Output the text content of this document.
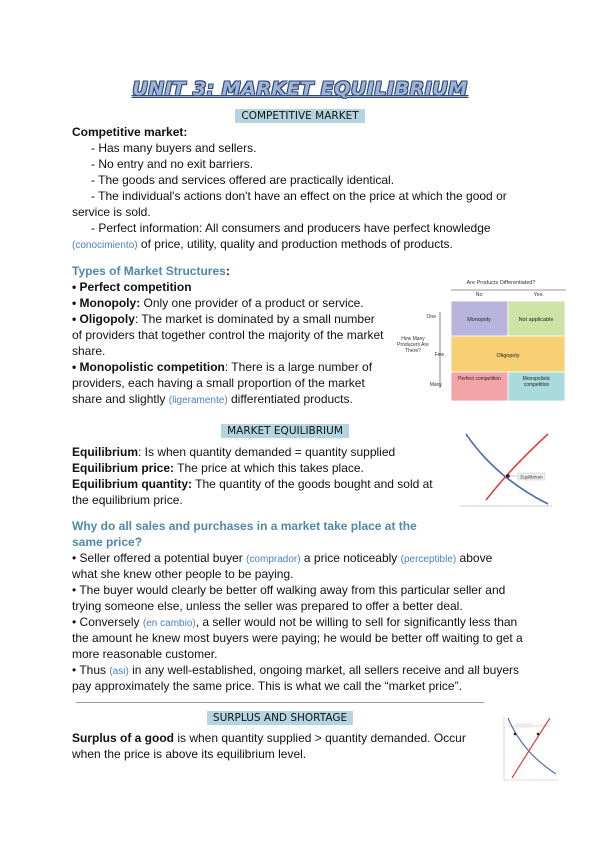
UNIT 3: MARKET EQUILIBRIUM
COMPETITIVE MARKET
Competitive market:
- Has many buyers and sellers.
- No entry and no exit barriers.
- The goods and services offered are practically identical.
- The individual's actions don't have an effect on the price at which the good or
service is sold.
- Perfect information: All consumers and producers have perfect knowledge
(conocimiento) of price, utility, quality and production methods of products.
Types of Market Structures:
• Perfect competition
• Monopoly: Only one provider of a product or service.
• Oligopoly: The market is dominated by a small number
of providers that together control the majority of the market
share.
• Monopolistic competition: There is a large number of
providers, each having a small proportion of the market
share and slightly (ligeramente) differentiated products.
Are Products Differentiated?
No	Yes
One
Few
Many
How Many Producers Are There?
Monopoly	Not applicable
Oligopoly
Perfect competition	Monopolistic competition
MARKET EQUILIBRIUM
Equilibrium: Is when quantity demanded = quantity supplied
Equilibrium price: The price at which this takes place.
Equilibrium quantity: The quantity of the goods bought and sold at
the equilibrium price.
Equilibrium
Why do all sales and purchases in a market take place at the
same price?
• Seller offered a potential buyer (comprador) a price noticeably (perceptible) above
what she knew other people to be paying.
• The buyer would clearly be better off walking away from this particular seller and
trying someone else, unless the seller was prepared to offer a better deal.
• Conversely (en cambio), a seller would not be willing to sell for significantly less than
the amount he knew most buyers were paying; he would be better off waiting to get a
more reasonable customer.
• Thus (asi) in any well-established, ongoing market, all sellers receive and all buyers
pay approximately the same price. This is what we call the “market price”.
SURPLUS AND SHORTAGE
Surplus of a good is when quantity supplied > quantity demanded. Occur
when the price is above its equilibrium level.
